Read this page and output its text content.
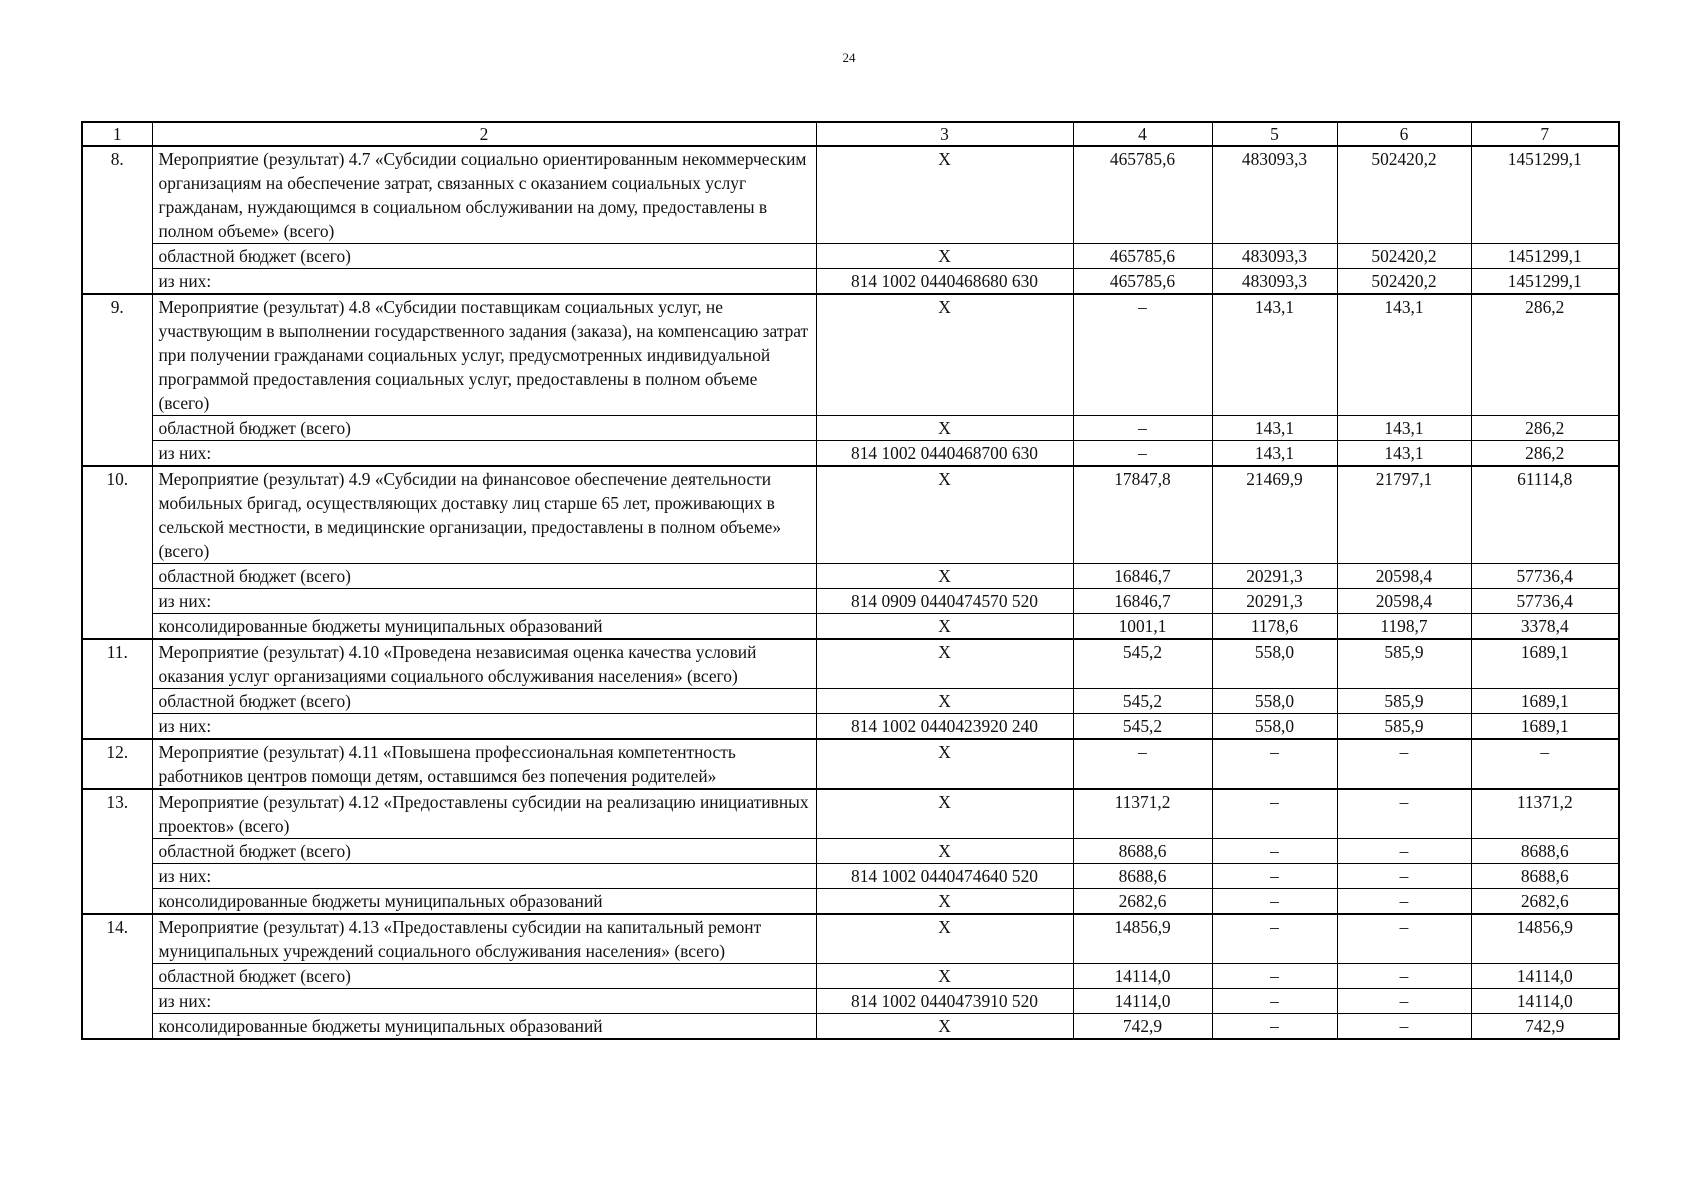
24
1	2	3	4	5	6	7
8.	Мероприятие (результат) 4.7 «Субсидии социально ориентированным некоммерческим организациям на обеспечение затрат, связанных с оказанием социальных услуг гражданам, нуждающимся в социальном обслуживании на дому, предоставлены в полном объеме» (всего)	Х	465785,6	483093,3	502420,2	1451299,1
	областной бюджет (всего)	Х	465785,6	483093,3	502420,2	1451299,1
	из них:	814 1002 0440468680 630	465785,6	483093,3	502420,2	1451299,1
9.	Мероприятие (результат) 4.8 «Субсидии поставщикам социальных услуг, не участвующим в выполнении государственного задания (заказа), на компенсацию затрат при получении гражданами социальных услуг, предусмотренных индивидуальной программой предоставления социальных услуг, предоставлены в полном объеме (всего)	Х	–	143,1	143,1	286,2
	областной бюджет (всего)	Х	–	143,1	143,1	286,2
	из них:	814 1002 0440468700 630	–	143,1	143,1	286,2
10.	Мероприятие (результат) 4.9 «Субсидии на финансовое обеспечение деятельности мобильных бригад, осуществляющих доставку лиц старше 65 лет, проживающих в сельской местности, в медицинские организации, предоставлены в полном объеме» (всего)	Х	17847,8	21469,9	21797,1	61114,8
	областной бюджет (всего)	Х	16846,7	20291,3	20598,4	57736,4
	из них:	814 0909 0440474570 520	16846,7	20291,3	20598,4	57736,4
	консолидированные бюджеты муниципальных образований	Х	1001,1	1178,6	1198,7	3378,4
11.	Мероприятие (результат) 4.10 «Проведена независимая оценка качества условий оказания услуг организациями социального обслуживания населения» (всего)	Х	545,2	558,0	585,9	1689,1
	областной бюджет (всего)	Х	545,2	558,0	585,9	1689,1
	из них:	814 1002 0440423920 240	545,2	558,0	585,9	1689,1
12.	Мероприятие (результат) 4.11 «Повышена профессиональная компетентность работников центров помощи детям, оставшимся без попечения родителей»	Х	–	–	–	–
13.	Мероприятие (результат) 4.12 «Предоставлены субсидии на реализацию инициативных проектов» (всего)	Х	11371,2	–	–	11371,2
	областной бюджет (всего)	Х	8688,6	–	–	8688,6
	из них:	814 1002 0440474640 520	8688,6	–	–	8688,6
	консолидированные бюджеты муниципальных образований	Х	2682,6	–	–	2682,6
14.	Мероприятие (результат) 4.13 «Предоставлены субсидии на капитальный ремонт муниципальных учреждений социального обслуживания населения» (всего)	Х	14856,9	–	–	14856,9
	областной бюджет (всего)	Х	14114,0	–	–	14114,0
	из них:	814 1002 0440473910 520	14114,0	–	–	14114,0
	консолидированные бюджеты муниципальных образований	Х	742,9	–	–	742,9
